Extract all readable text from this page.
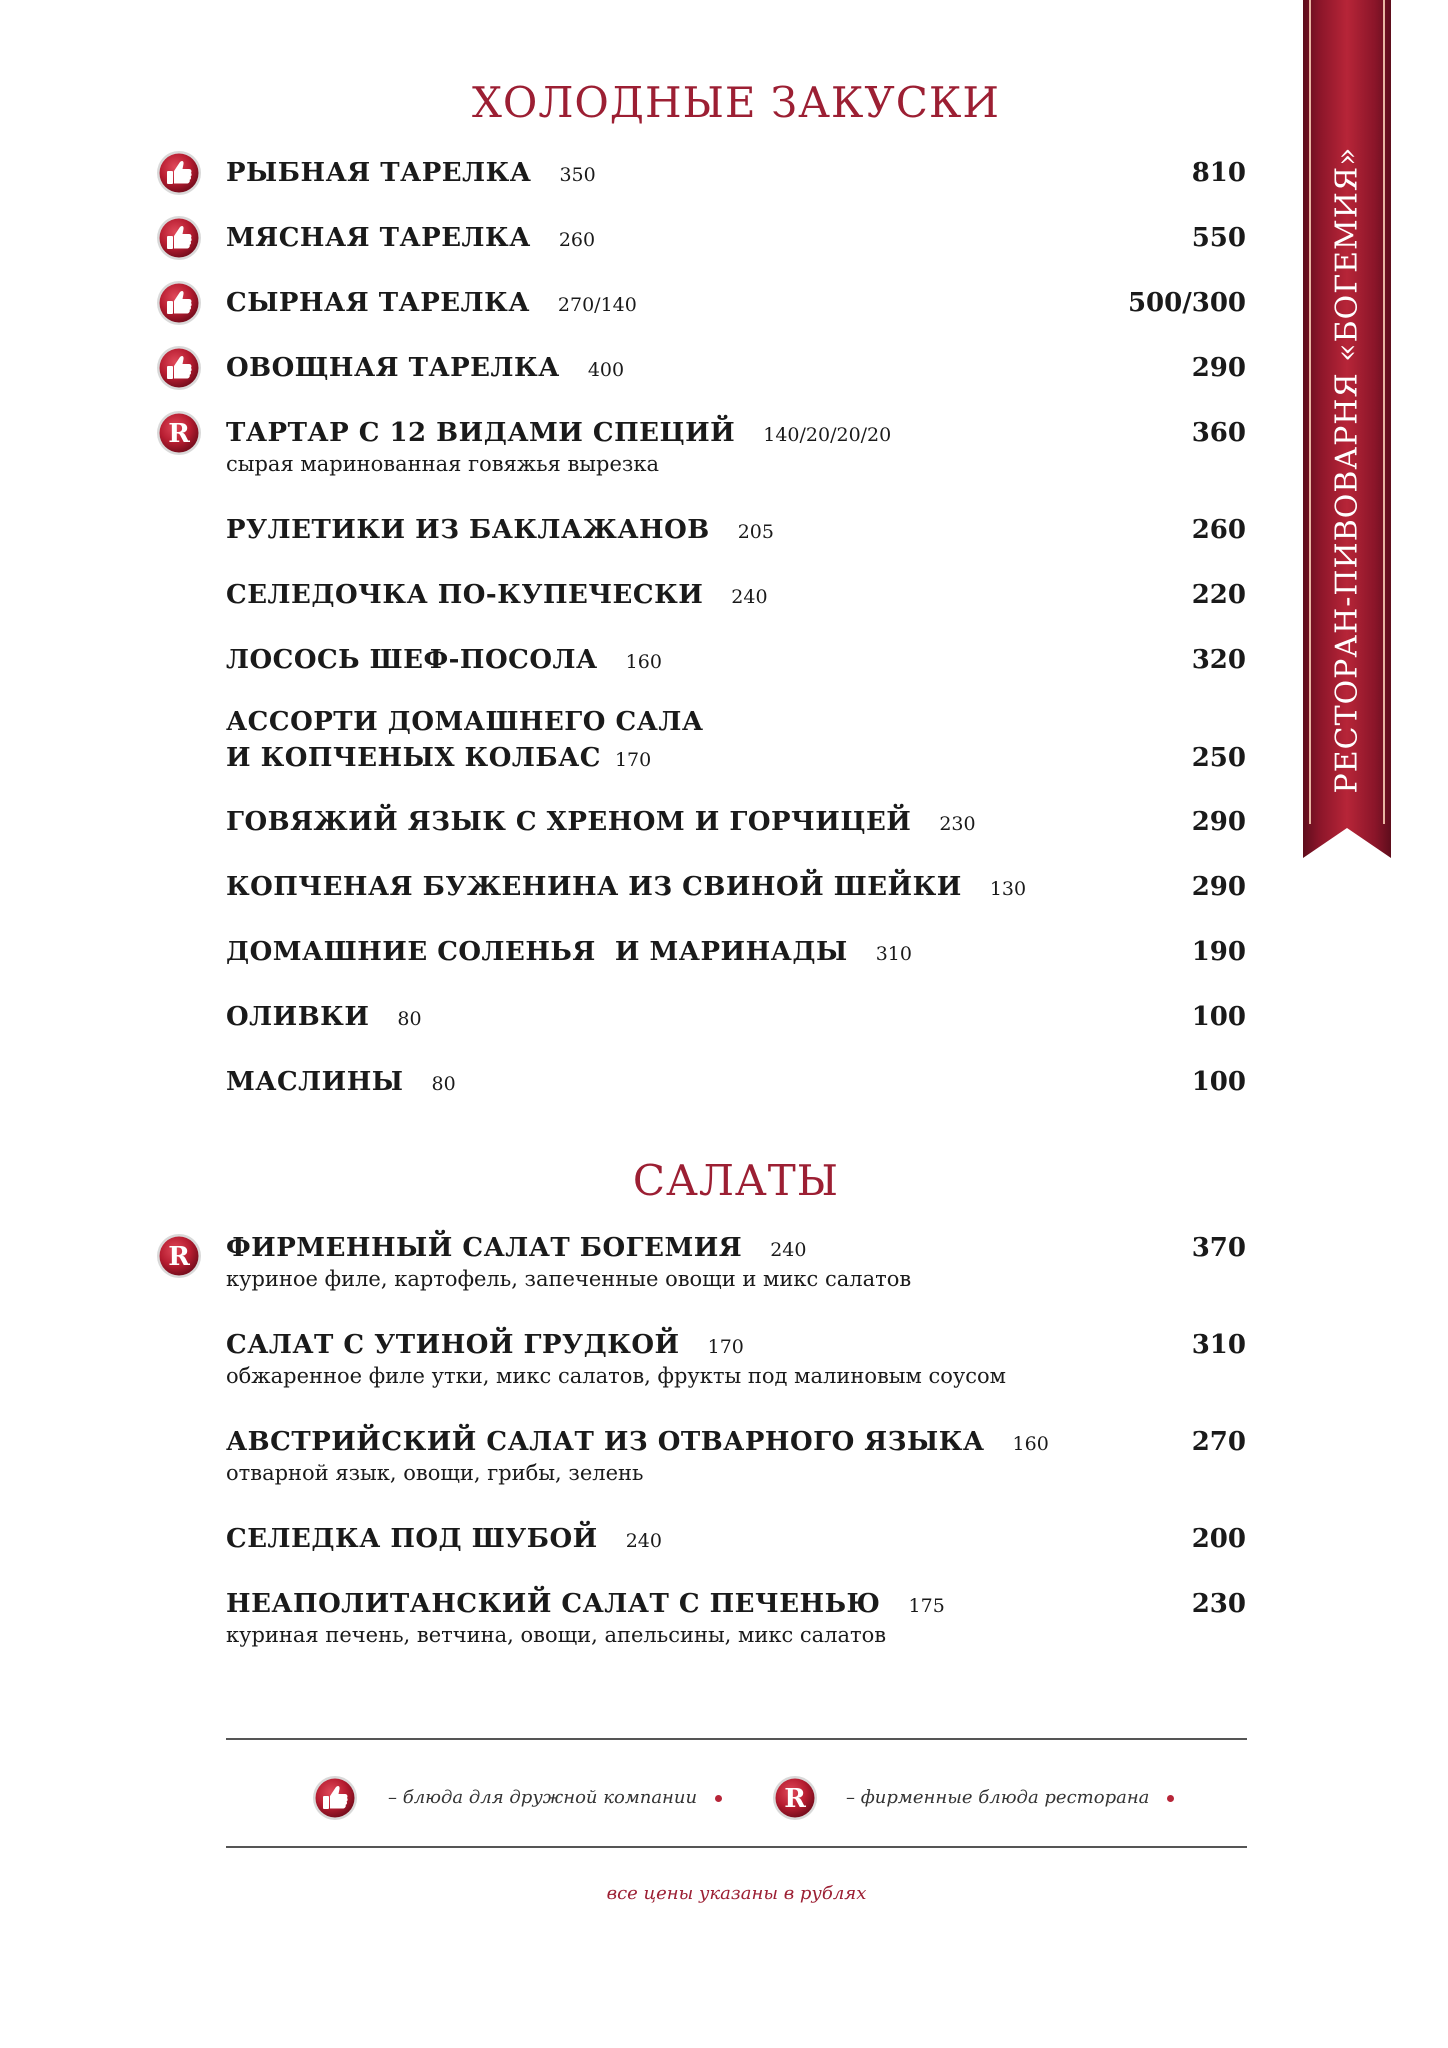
РЕСТОРАН-ПИВОВАРНЯ «БОГЕМИЯ»
ХОЛОДНЫЕ ЗАКУСКИ
РЫБНАЯ ТАРЕЛКА 350	810
МЯСНАЯ ТАРЕЛКА 260	550
СЫРНАЯ ТАРЕЛКА 270/140	500/300
ОВОЩНАЯ ТАРЕЛКА 400	290
ТАРТАР С 12 ВИДАМИ СПЕЦИЙ 140/20/20/20	360
сырая маринованная говяжья вырезка
РУЛЕТИКИ ИЗ БАКЛАЖАНОВ 205	260
СЕЛЕДОЧКА ПО-КУПЕЧЕСКИ 240	220
ЛОСОСЬ ШЕФ-ПОСОЛА 160	320
АССОРТИ ДОМАШНЕГО САЛА
И КОПЧЕНЫХ КОЛБАС 170	250
ГОВЯЖИЙ ЯЗЫК С ХРЕНОМ И ГОРЧИЦЕЙ 230	290
КОПЧЕНАЯ БУЖЕНИНА ИЗ СВИНОЙ ШЕЙКИ 130	290
ДОМАШНИЕ СОЛЕНЬЯ  И МАРИНАДЫ 310	190
ОЛИВКИ 80	100
МАСЛИНЫ 80	100
САЛАТЫ
ФИРМЕННЫЙ САЛАТ БОГЕМИЯ 240	370
куриное филе, картофель, запеченные овощи и микс салатов
САЛАТ С УТИНОЙ ГРУДКОЙ 170	310
обжаренное филе утки, микс салатов, фрукты под малиновым соусом
АВСТРИЙСКИЙ САЛАТ ИЗ ОТВАРНОГО ЯЗЫКА 160	270
отварной язык, овощи, грибы, зелень
СЕЛЕДКА ПОД ШУБОЙ 240	200
НЕАПОЛИТАНСКИЙ САЛАТ С ПЕЧЕНЬЮ 175	230
куриная печень, ветчина, овощи, апельсины, микс салатов
– блюда для дружной компании	– фирменные блюда ресторана
все цены указаны в рублях
